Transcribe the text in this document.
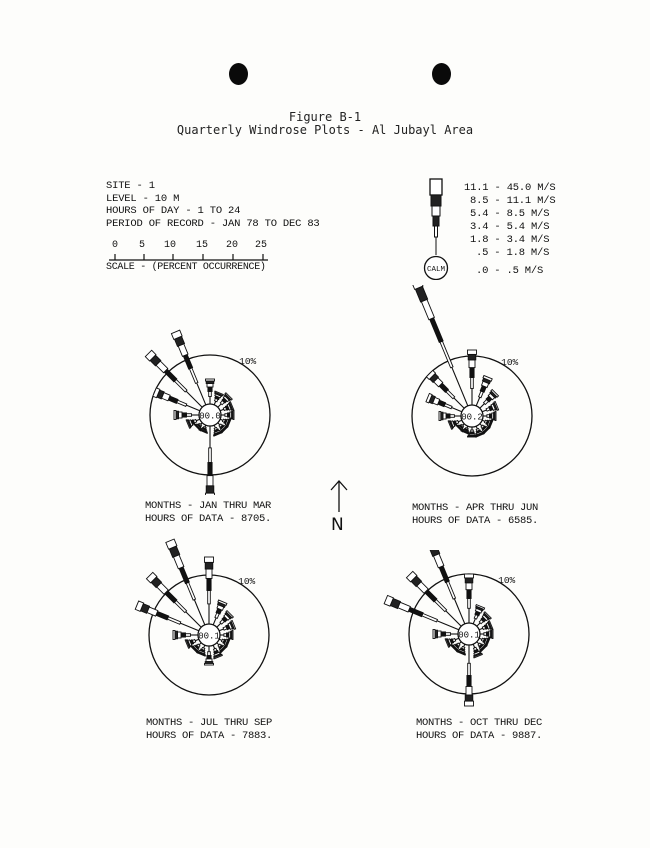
Figure B-1
Quarterly Windrose Plots - Al Jubayl Area
SITE - 1
LEVEL - 10 M
HOURS OF DAY - 1 TO 24
PERIOD OF RECORD - JAN 78 TO DEC 83
0 5 10 15 20 25
SCALE - (PERCENT OCCURRENCE)	CALM
11.1 - 45.0 M/S
8.5 - 11.1 M/S
5.4 - 8.5 M/S
3.4 - 5.4 M/S
1.8 - 3.4 M/S
.5 - 1.8 M/S
.0 - .5 M/S
00.0
10%
00.2
10%
00.1
10%
00.1
10%
MONTHS - JAN THRU MAR
HOURS OF DATA - 8705.
MONTHS - APR THRU JUN
HOURS OF DATA - 6585.
MONTHS - JUL THRU SEP
HOURS OF DATA - 7883.
MONTHS - OCT THRU DEC
HOURS OF DATA - 9887.
N
